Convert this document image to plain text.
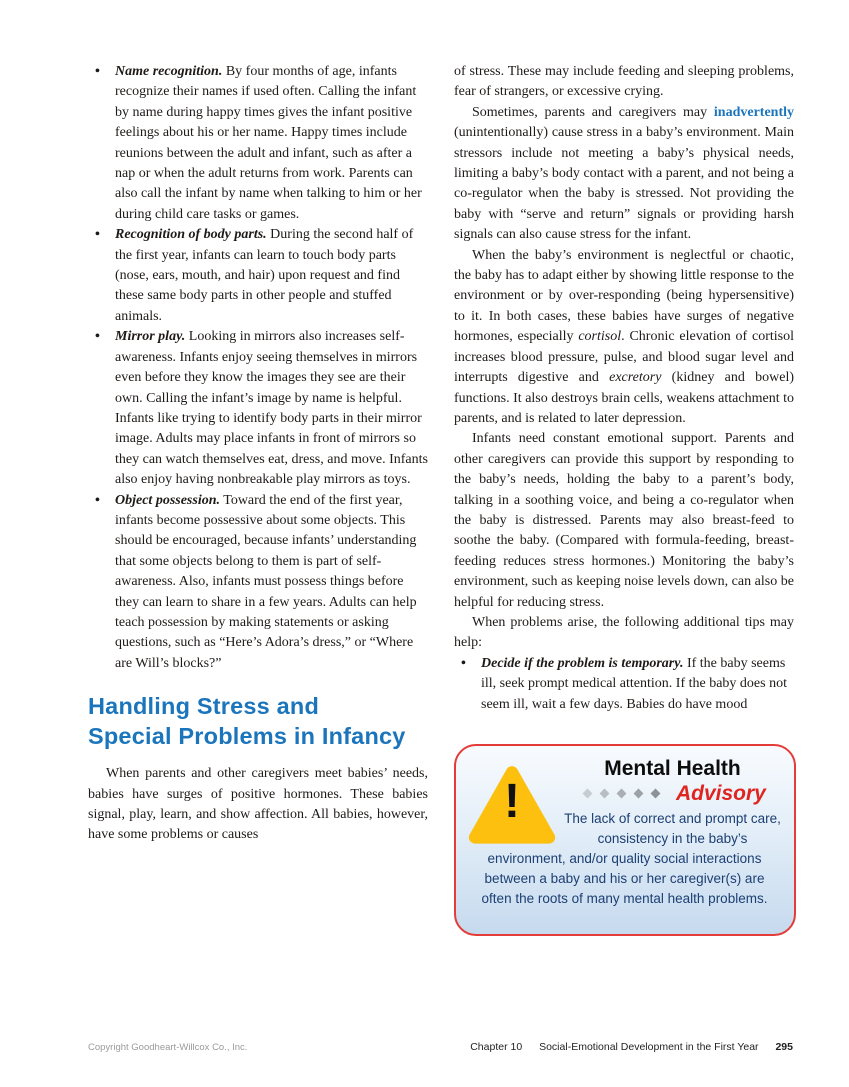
• Name recognition. By four months of age, infants recognize their names if used often. Calling the infant by name during happy times gives the infant positive feelings about his or her name. Happy times include reunions between the adult and infant, such as after a nap or when the adult returns from work. Parents can also call the infant by name when talking to him or her during child care tasks or games.
• Recognition of body parts. During the second half of the first year, infants can learn to touch body parts (nose, ears, mouth, and hair) upon request and find these same body parts in other people and stuffed animals.
• Mirror play. Looking in mirrors also increases self-awareness. Infants enjoy seeing themselves in mirrors even before they know the images they see are their own. Calling the infant’s image by name is helpful. Infants like trying to identify body parts in their mirror image. Adults may place infants in front of mirrors so they can watch themselves eat, dress, and move. Infants also enjoy having nonbreakable play mirrors as toys.
• Object possession. Toward the end of the first year, infants become possessive about some objects. This should be encouraged, because infants’ understanding that some objects belong to them is part of self-awareness. Also, infants must possess things before they can learn to share in a few years. Adults can help teach possession by making statements or asking questions, such as “Here’s Adora’s dress,” or “Where are Will’s blocks?”
Handling Stress and
Special Problems in Infancy

When parents and other caregivers meet babies’ needs, babies have surges of positive hormones. These babies signal, play, learn, and show affection. All babies, however, have some problems or causes

of stress. These may include feeding and sleeping problems, fear of strangers, or excessive crying.

Sometimes, parents and caregivers may inadvertently (unintentionally) cause stress in a baby’s environment. Main stressors include not meeting a baby’s physical needs, limiting a baby’s body contact with a parent, and not being a co-regulator when the baby is stressed. Not providing the baby with “serve and return” signals or providing harsh signals can also cause stress for the infant.

When the baby’s environment is neglectful or chaotic, the baby has to adapt either by showing little response to the environment or by over-responding (being hypersensitive) to it. In both cases, these babies have surges of negative hormones, especially cortisol. Chronic elevation of cortisol increases blood pressure, pulse, and blood sugar level and interrupts digestive and excretory (kidney and bowel) functions. It also destroys brain cells, weakens attachment to parents, and is related to later depression.

Infants need constant emotional support. Parents and other caregivers can provide this support by responding to the baby’s needs, holding the baby to a parent’s body, talking in a soothing voice, and being a co-regulator when the baby is distressed. Parents may also breast-feed to soothe the baby. (Compared with formula-feeding, breast-feeding reduces stress hormones.) Monitoring the baby’s environment, such as keeping noise levels down, can also be helpful for reducing stress.

When problems arise, the following additional tips may help:

• Decide if the problem is temporary. If the baby seems ill, seek prompt medical attention. If the baby does not seem ill, wait a few days. Babies do have mood
!
Mental Health
Advisory
The lack of correct and prompt care, consistency in the baby’s environment, and/or quality social interactions between a baby and his or her caregiver(s) are often the roots of many mental health problems.
Copyright Goodheart-Willcox Co., Inc.	Chapter 10 Social-Emotional Development in the First Year 295
